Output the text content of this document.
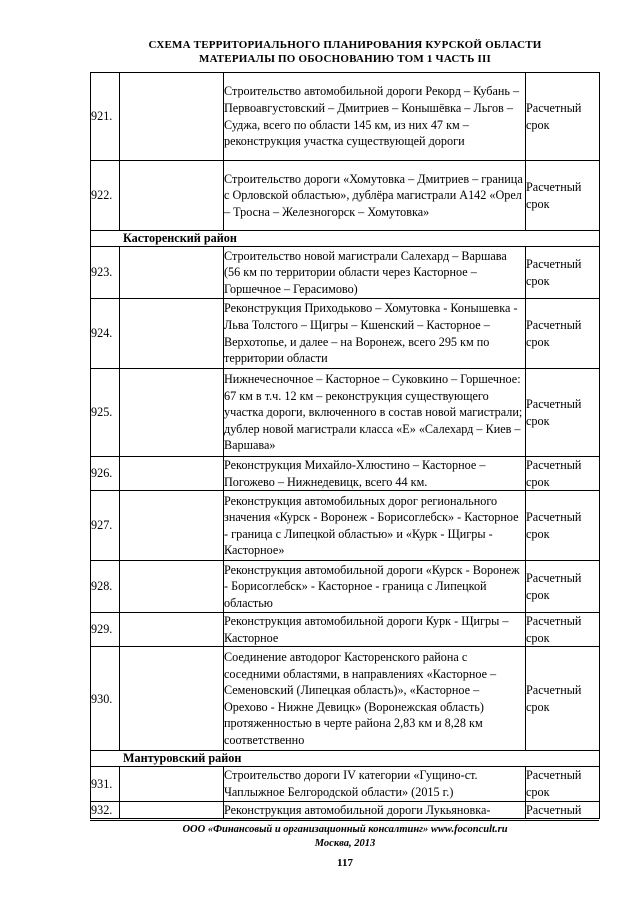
СХЕМА ТЕРРИТОРИАЛЬНОГО ПЛАНИРОВАНИЯ КУРСКОЙ ОБЛАСТИ
МАТЕРИАЛЫ ПО ОБОСНОВАНИЮ ТОМ 1 ЧАСТЬ III
921.		Строительство автомобильной дороги Рекорд – Кубань – Первоавгустовский – Дмитриев – Конышёвка – Льгов – Суджа, всего по области 145 км, из них 47 км – реконструкция участка существующей дороги	Расчетный срок
922.		Строительство дороги «Хомутовка – Дмитриев – граница с Орловской областью», дублёра магистрали А142 «Орел – Тросна – Железногорск – Хомутовка»	Расчетный срок
Касторенский район			
923.		Строительство новой магистрали Салехард – Варшава (56 км по территории области через Касторное – Горшечное – Герасимово)	Расчетный срок
924.		Реконструкция Приходьково – Хомутовка - Конышевка - Льва Толстого – Щигры – Кшенский – Касторное – Верхотопье, и далее – на Воронеж, всего 295 км по территории области	Расчетный срок
925.		Нижнечесночное – Касторное – Суковкино – Горшечное: 67 км в т.ч. 12 км – реконструкция существующего участка дороги, включенного в состав новой магистрали; дублер новой магистрали класса «Е» «Салехард – Киев – Варшава»	Расчетный срок
926.		Реконструкция Михайло-Хлюстино – Касторное – Погожево – Нижнедевицк, всего 44 км.	Расчетный срок
927.		Реконструкция автомобильных дорог регионального значения «Курск - Воронеж - Борисоглебск» - Касторное - граница с Липецкой областью» и «Курк - Щигры - Касторное»	Расчетный срок
928.		Реконструкция автомобильной дороги «Курск - Воронеж - Борисоглебск» - Касторное - граница с Липецкой областью	Расчетный срок
929.		Реконструкция автомобильной дороги Курк - Щигры – Касторное	Расчетный срок
930.		Соединение автодорог Касторенского района с соседними областями, в направлениях «Касторное – Семеновский (Липецкая область)», «Касторное – Орехово - Нижне Девицк» (Воронежская область) протяженностью в черте района 2,83 км и 8,28 км соответственно	Расчетный срок
Мантуровский район			
931.		Строительство дороги IV категории «Гущино-ст. Чаплыжное Белгородской области» (2015 г.)	Расчетный срок
932.		Реконструкция автомобильной дороги Лукьяновка-	Расчетный
ООО «Финансовый и организационный консалтинг» www.foconcult.ru
Москва, 2013
117
